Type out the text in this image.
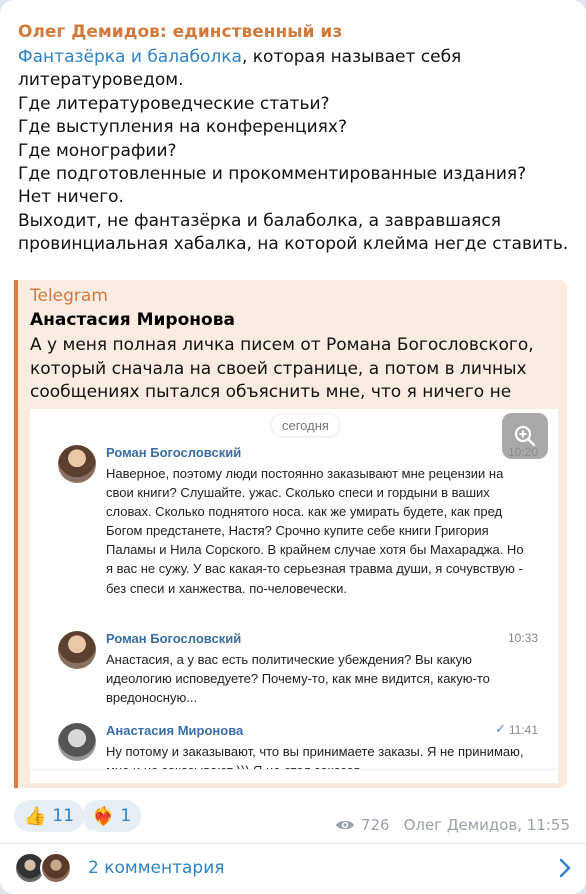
Олег Демидов: единственный из
Фантазёрка и балаболка, которая называет себя литературоведом.
Где литературоведческие статьи?
Где выступления на конференциях?
Где монографии?
Где подготовленные и прокомментированные издания?
Нет ничего.
Выходит, не фантазёрка и балаболка, а завравшаяся провинциальная хабалка, на которой клейма негде ставить.
Telegram
Анастасия Миронова
А у меня полная личка писем от Романа Богословского, который сначала на своей странице, а потом в личных сообщениях пытался объяснить мне, что я ничего не
сегодня
Роман Богословский
Наверное, поэтому люди постоянно заказывают мне рецензии на свои книги? Слушайте. ужас. Сколько спеси и гордыни в ваших словах. Сколько поднятого носа. как же умирать будете, как пред Богом предстанете, Настя? Срочно купите себе книги Григория Паламы и Нила Сорского. В крайнем случае хотя бы Махараджа. Но я вас не сужу. У вас какая-то серьезная травма души, я сочувствую - без спеси и ханжества. по-человечески.
Роман Богословский	10:33
Анастасия, а у вас есть политические убеждения? Вы какую идеологию исповедуете? Почему-то, как мне видится, какую-то вредоносную...
Анастасия Миронова	✓ 11:41
Ну потому и заказывают, что вы принимаете заказы. Я не принимаю,
👍 11 ❤️‍🔥 1	726 Олег Демидов, 11:55
2 комментария
